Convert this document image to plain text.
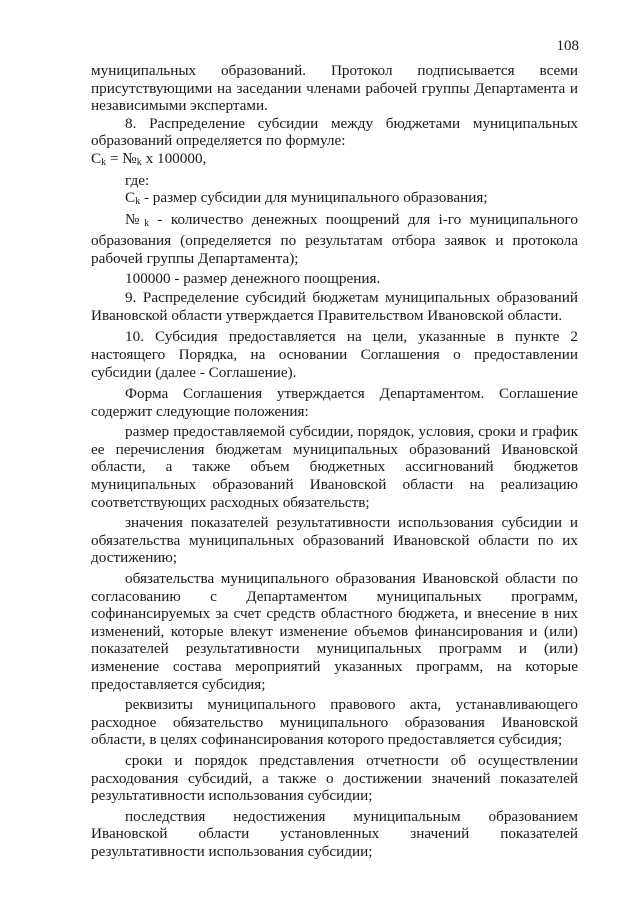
108

муниципальных образований. Протокол подписывается всеми присутствующими на заседании членами рабочей группы Департамента и независимыми экспертами.

8. Распределение субсидии между бюджетами муниципальных образований определяется по формуле:

$C_k$ = $№_k$ x 100000,

где:

$C_k$ - размер субсидии для муниципального образования;

$№_k$ - количество денежных поощрений для i-го муниципального образования (определяется по результатам отбора заявок и протокола рабочей группы Департамента);

100000 - размер денежного поощрения.

9. Распределение субсидий бюджетам муниципальных образований Ивановской области утверждается Правительством Ивановской области.

10. Субсидия предоставляется на цели, указанные в пункте 2 настоящего Порядка, на основании Соглашения о предоставлении субсидии (далее - Соглашение).

Форма Соглашения утверждается Департаментом. Соглашение содержит следующие положения:

размер предоставляемой субсидии, порядок, условия, сроки и график ее перечисления бюджетам муниципальных образований Ивановской области, а также объем бюджетных ассигнований бюджетов муниципальных образований Ивановской области на реализацию соответствующих расходных обязательств;

значения показателей результативности использования субсидии и обязательства муниципальных образований Ивановской области по их достижению;

обязательства муниципального образования Ивановской области по согласованию с Департаментом муниципальных программ, софинансируемых за счет средств областного бюджета, и внесение в них изменений, которые влекут изменение объемов финансирования и (или) показателей результативности муниципальных программ и (или) изменение состава мероприятий указанных программ, на которые предоставляется субсидия;

реквизиты муниципального правового акта, устанавливающего расходное обязательство муниципального образования Ивановской области, в целях софинансирования которого предоставляется субсидия;

сроки и порядок представления отчетности об осуществлении расходования субсидий, а также о достижении значений показателей результативности использования субсидии;

последствия недостижения муниципальным образованием Ивановской области установленных значений показателей результативности использования субсидии;
